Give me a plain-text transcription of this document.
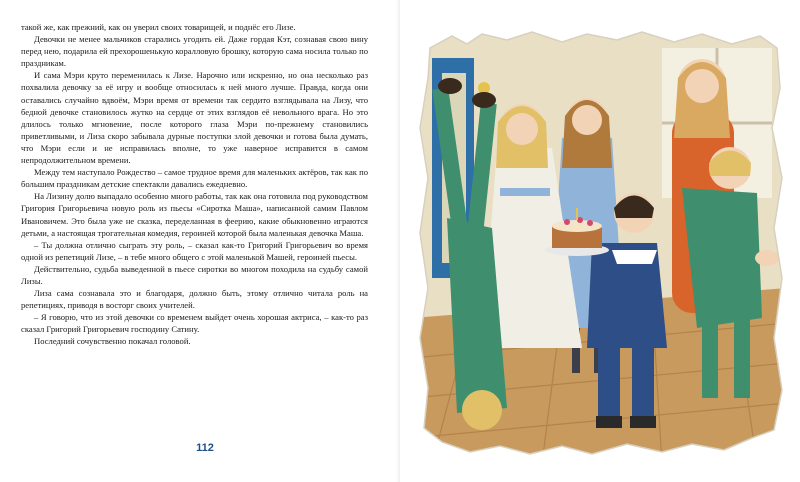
такой же, как прежний, как он уверил своих товарищей, и поднёс его Лизе.

Девочки не менее мальчиков старались угодить ей. Даже гордая Кэт, сознавая свою вину перед нею, подарила ей прехорошенькую коралловую брошку, которую сама носила только по праздникам.

И сама Мэри круто переменилась к Лизе. Нарочно или искренно, но она несколько раз похвалила девочку за её игру и вообще относилась к ней много лучше. Правда, когда они оставались случайно вдвоём, Мэри время от времени так сердито взглядывала на Лизу, что бедной девочке становилось жутко на сердце от этих взглядов её невольного врага. Но это длилось только мгновение, после которого глаза Мэри по-прежнему становились приветливыми, и Лиза скоро забывала дурные поступки злой девочки и готова была думать, что Мэри если и не исправилась вполне, то уже наверное исправится в самом непродолжительном времени.

Между тем наступало Рождество – самое трудное время для маленьких актёров, так как по большим праздникам детские спектакли давались ежедневно.

На Лизину долю выпадало особенно много работы, так как она готовила под руководством Григория Григорьевича новую роль из пьесы «Сиротка Маша», написанной самим Павлом Ивановичем. Это была уже не сказка, переделанная в феерию, какие обыкновенно играются детьми, а настоящая трогательная комедия, героиней которой была маленькая девочка Маша.

– Ты должна отлично сыграть эту роль, – сказал как-то Григорий Григорьевич во время одной из репетиций Лизе, – в тебе много общего с этой маленькой Машей, героиней пьесы.

Действительно, судьба выведенной в пьесе сиротки во многом походила на судьбу самой Лизы.

Лиза сама сознавала это и благодаря, должно быть, этому отлично читала роль на репетициях, приводя в восторг своих учителей.

– Я говорю, что из этой девочки со временем выйдет очень хорошая актриса, – как-то раз сказал Григорий Григорьевич господину Сатину.

Последний сочувственно покачал головой.

112
